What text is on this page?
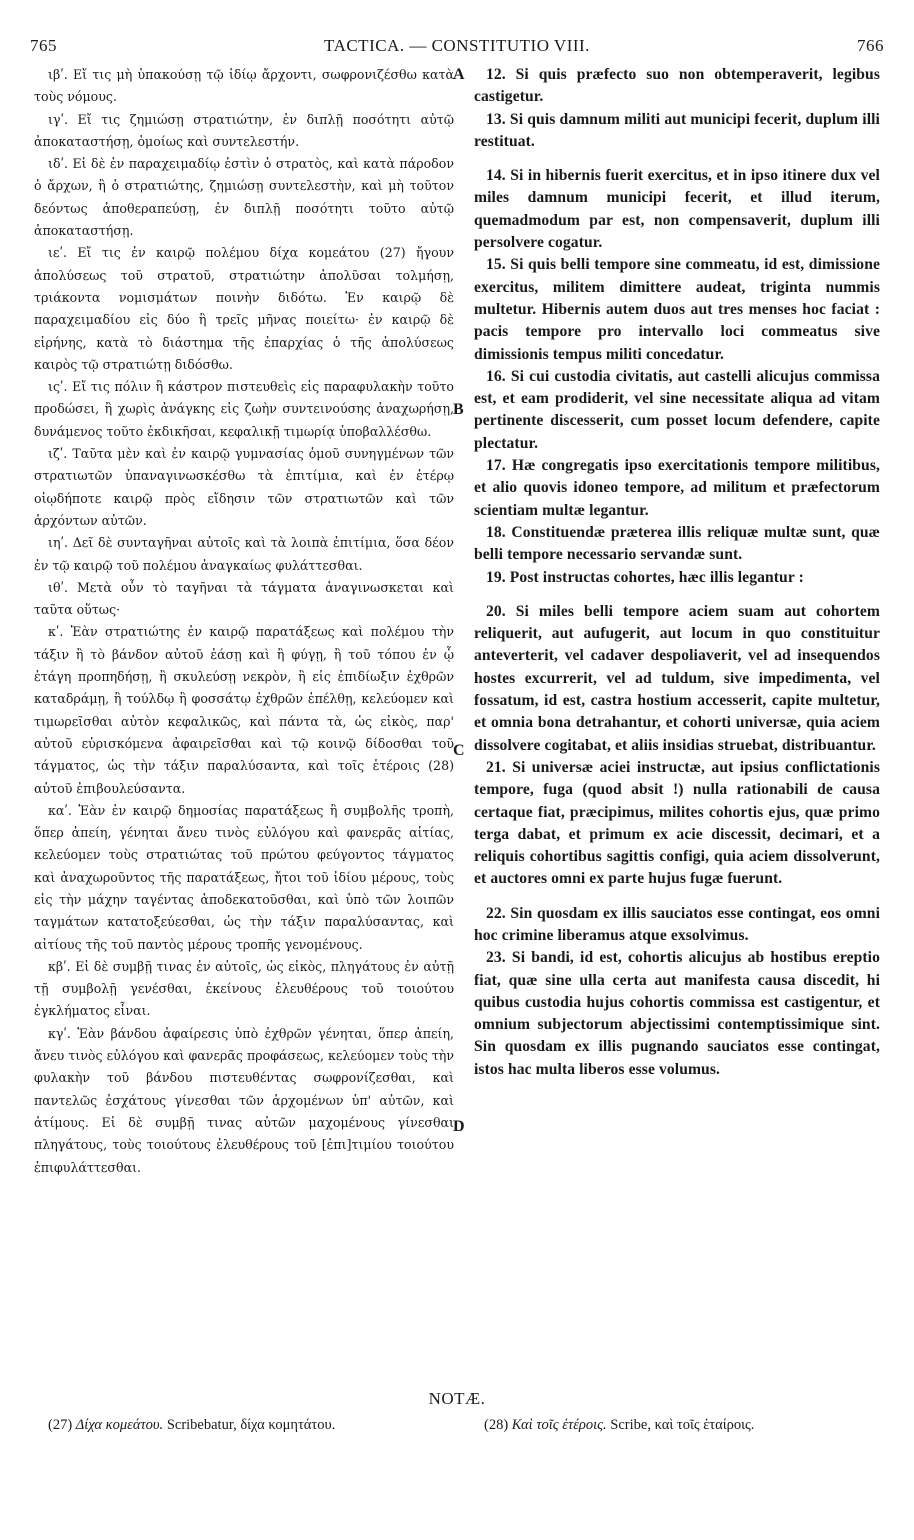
765	TACTICA. — CONSTITUTIO VIII.	766

ιβʹ. Εἴ τις μὴ ὑπακούσῃ τῷ ἰδίῳ ἄρχοντι, σωφρονιζέσθω κατὰ τοὺς νόμους.

ιγʹ. Εἴ τις ζημιώσῃ στρατιώτην, ἐν διπλῇ ποσότητι αὐτῷ ἀποκαταστήσῃ, ὁμοίως καὶ συντελεστήν.

ιδʹ. Εἰ δὲ ἐν παραχειμαδίῳ ἐστὶν ὁ στρατὸς, καὶ κατὰ πάροδον ὁ ἄρχων, ἢ ὁ στρατιώτης, ζημιώσῃ συντελεστὴν, καὶ μὴ τοῦτον δεόντως ἀποθεραπεύσῃ, ἐν διπλῇ ποσότητι τοῦτο αὐτῷ ἀποκαταστήσῃ.

ιεʹ. Εἴ τις ἐν καιρῷ πολέμου δίχα κομεάτου (27) ἤγουν ἀπολύσεως τοῦ στρατοῦ, στρατιώτην ἀπολῦσαι τολμήσῃ, τριάκοντα νομισμάτων ποινὴν διδότω. Ἐν καιρῷ δὲ παραχειμαδίου εἰς δύο ἢ τρεῖς μῆνας ποιείτω· ἐν καιρῷ δὲ εἰρήνης, κατὰ τὸ διάστημα τῆς ἐπαρχίας ὁ τῆς ἀπολύσεως καιρὸς τῷ στρατιώτῃ διδόσθω.

ιςʹ. Εἴ τις πόλιν ἢ κάστρον πιστευθεὶς εἰς παραφυλακὴν τοῦτο προδώσει, ἢ χωρὶς ἀνάγκης εἰς ζωὴν συντεινούσης ἀναχωρήσῃ, δυνάμενος τοῦτο ἐκδικῆσαι, κεφαλικῇ τιμωρίᾳ ὑποβαλλέσθω.

ιζʹ. Ταῦτα μὲν καὶ ἐν καιρῷ γυμνασίας ὁμοῦ συνηγμένων τῶν στρατιωτῶν ὑπαναγινωσκέσθω τὰ ἐπιτίμια, καὶ ἐν ἑτέρῳ οἱῳδήποτε καιρῷ πρὸς εἴδησιν τῶν στρατιωτῶν καὶ τῶν ἀρχόντων αὐτῶν.

ιηʹ. Δεῖ δὲ συνταγῆναι αὐτοῖς καὶ τὰ λοιπὰ ἐπιτίμια, ὅσα δέον ἐν τῷ καιρῷ τοῦ πολέμου ἀναγκαίως φυλάττεσθαι.

ιθʹ. Μετὰ οὖν τὸ ταγῆναι τὰ τάγματα ἀναγινωσκεται καὶ ταῦτα οὕτως·

κʹ. Ἐὰν στρατιώτης ἐν καιρῷ παρατάξεως καὶ πολέμου τὴν τάξιν ἢ τὸ βάνδον αὐτοῦ ἐάσῃ καὶ ἢ φύγῃ, ἢ τοῦ τόπου ἐν ᾧ ἐτάγη προπηδήσῃ, ἢ σκυλεύσῃ νεκρὸν, ἢ εἰς ἐπιδίωξιν ἐχθρῶν καταδράμῃ, ἢ τούλδῳ ἢ φοσσάτῳ ἐχθρῶν ἐπέλθῃ, κελεύομεν καὶ τιμωρεῖσθαι αὐτὸν κεφαλικῶς, καὶ πάντα τὰ, ὡς εἰκὸς, παρ' αὐτοῦ εὑρισκόμενα ἀφαιρεῖσθαι καὶ τῷ κοινῷ δίδοσθαι τοῦ τάγματος, ὡς τὴν τάξιν παραλύσαντα, καὶ τοῖς ἑτέροις (28) αὐτοῦ ἐπιβουλεύσαντα.

καʹ. Ἐὰν ἐν καιρῷ δημοσίας παρατάξεως ἢ συμβολῆς τροπὴ, ὅπερ ἀπείη, γένηται ἄνευ τινὸς εὐλόγου καὶ φανερᾶς αἰτίας, κελεύομεν τοὺς στρατιώτας τοῦ πρώτου φεύγοντος τάγματος καὶ ἀναχωροῦντος τῆς παρατάξεως, ἤτοι τοῦ ἰδίου μέρους, τοὺς εἰς τὴν μάχην ταγέντας ἀποδεκατοῦσθαι, καὶ ὑπὸ τῶν λοιπῶν ταγμάτων κατατοξεύεσθαι, ὡς τὴν τάξιν παραλύσαντας, καὶ αἰτίους τῆς τοῦ παντὸς μέρους τροπῆς γενομένους.

κβʹ. Εἰ δὲ συμβῇ τινας ἐν αὐτοῖς, ὡς εἰκὸς, πληγάτους ἐν αὐτῇ τῇ συμβολῇ γενέσθαι, ἐκείνους ἐλευθέρους τοῦ τοιούτου ἐγκλήματος εἶναι.

κγʹ. Ἐὰν βάνδου ἀφαίρεσις ὑπὸ ἐχθρῶν γένηται, ὅπερ ἀπείη, ἄνευ τινὸς εὐλόγου καὶ φανερᾶς προφάσεως, κελεύομεν τοὺς τὴν φυλακὴν τοῦ βάνδου πιστευθέντας σωφρονίζεσθαι, καὶ παντελῶς ἐσχάτους γίνεσθαι τῶν ἀρχομένων ὑπ' αὐτῶν, καὶ ἀτίμους. Εἰ δὲ συμβῇ τινας αὐτῶν μαχομένους γίνεσθαι πληγάτους, τοὺς τοιούτους ἐλευθέρους τοῦ [ἐπι]τιμίου τοιούτου ἐπιφυλάττεσθαι.

12. Si quis præfecto suo non obtemperaverit, legibus castigetur.

13. Si quis damnum militi aut municipi fecerit, duplum illi restituat.

14. Si in hibernis fuerit exercitus, et in ipso itinere dux vel miles damnum municipi fecerit, et illud iterum, quemadmodum par est, non compensaverit, duplum illi persolvere cogatur.

15. Si quis belli tempore sine commeatu, id est, dimissione exercitus, militem dimittere audeat, triginta nummis multetur. Hibernis autem duos aut tres menses hoc faciat : pacis tempore pro intervallo loci commeatus sive dimissionis tempus militi concedatur.

16. Si cui custodia civitatis, aut castelli alicujus commissa est, et eam prodiderit, vel sine necessitate aliqua ad vitam pertinente discesserit, cum posset locum defendere, capite plectatur.

17. Hæ congregatis ipso exercitationis tempore militibus, et alio quovis idoneo tempore, ad militum et præfectorum scientiam multæ legantur.

18. Constituendæ præterea illis reliquæ multæ sunt, quæ belli tempore necessario servandæ sunt.

19. Post instructas cohortes, hæc illis legantur :

20. Si miles belli tempore aciem suam aut cohortem reliquerit, aut aufugerit, aut locum in quo constituitur anteverterit, vel cadaver despoliaverit, vel ad insequendos hostes excurrerit, vel ad tuldum, sive impedimenta, vel fossatum, id est, castra hostium accesserit, capite multetur, et omnia bona detrahantur, et cohorti universæ, quia aciem dissolvere cogitabat, et aliis insidias struebat, distribuantur.

21. Si universæ aciei instructæ, aut ipsius conflictationis tempore, fuga (quod absit !) nulla rationabili de causa certaque fiat, præcipimus, milites cohortis ejus, quæ primo terga dabat, et primum ex acie discessit, decimari, et a reliquis cohortibus sagittis configi, quia aciem dissolverunt, et auctores omni ex parte hujus fugæ fuerunt.

22. Sin quosdam ex illis sauciatos esse contingat, eos omni hoc crimine liberamus atque exsolvimus.

23. Si bandi, id est, cohortis alicujus ab hostibus ereptio fiat, quæ sine ulla certa aut manifesta causa discedit, hi quibus custodia hujus cohortis commissa est castigentur, et omnium subjectorum abjectissimi contemptissimique sint. Sin quosdam ex illis pugnando sauciatos esse contingat, istos hac multa liberos esse volumus.

A
B
C
D
NOTÆ.
(27) Δίχα κομεάτου. Scribebatur, δίχα κομητάτου.	(28) Καὶ τοῖς ἑτέροις. Scribe, καὶ τοῖς ἑταίροις.
